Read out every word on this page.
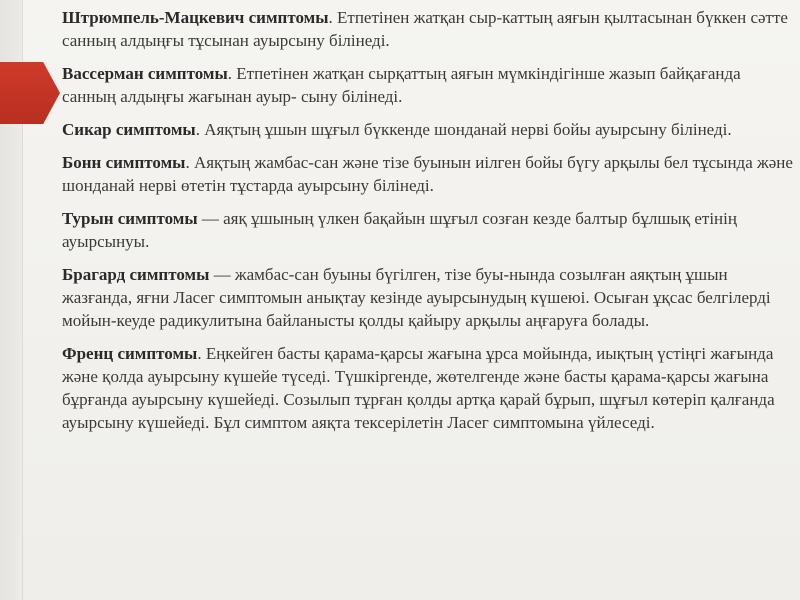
Штрюмпель-Мацкевич симптомы. Етпетінен жатқан сыр-каттың аяғын қылтасынан бүккен сәтте санның алдыңғы тұсынан ауырсыну білінеді.
Вассерман симптомы. Етпетінен жатқан сырқаттың аяғын мүмкіндігінше жазып байқағанда санның алдыңғы жағынан ауыр- сыну білінеді.
Сикар симптомы. Аяқтың ұшын шұғыл бүккенде шонданай нерві бойы ауырсыну білінеді.
Бонн симптомы. Аяқтың жамбас-сан және тізе буынын иілген бойы бүгу арқылы бел тұсында және шонданай нерві өтетін тұстарда ауырсыну білінеді.
Турын симптомы — аяқ ұшының үлкен бақайын шұғыл созған кезде балтыр бұлшық етінің ауырсынуы.
Брагард симптомы — жамбас-сан буыны бүгілген, тізе буы-нында созылған аяқтың ұшын жазғанда, яғни Ласег симптомын анықтау кезінде ауырсынудың күшеюі. Осыған ұқсас белгілерді мойын-кеуде радикулитына байланысты қолды қайыру арқылы аңғаруға болады.
Френц симптомы. Еңкейген басты қарама-қарсы жағына ұрса мойында, иықтың үстіңгі жағында және қолда ауырсыну күшейе түседі. Түшкіргенде, жөтелгенде және басты қарама-қарсы жағына бұрғанда ауырсыну күшейеді. Созылып тұрған қолды артқа қарай бұрып, шұғыл көтеріп қалғанда ауырсыну күшейеді. Бұл симптом аяқта тексерілетін Ласег симптомына үйлеседі.
